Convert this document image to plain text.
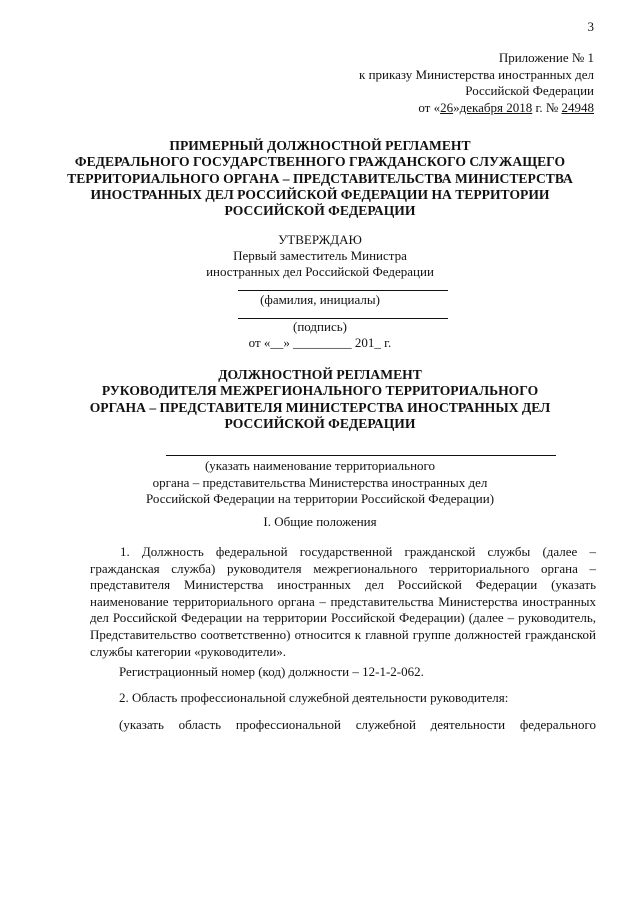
3
Приложение № 1
к приказу Министерства иностранных дел
Российской Федерации
от «26»декабря 2018 г. № 24948
ПРИМЕРНЫЙ ДОЛЖНОСТНОЙ РЕГЛАМЕНТ
ФЕДЕРАЛЬНОГО ГОСУДАРСТВЕННОГО ГРАЖДАНСКОГО СЛУЖАЩЕГО
ТЕРРИТОРИАЛЬНОГО ОРГАНА – ПРЕДСТАВИТЕЛЬСТВА МИНИСТЕРСТВА
ИНОСТРАННЫХ ДЕЛ РОССИЙСКОЙ ФЕДЕРАЦИИ НА ТЕРРИТОРИИ
РОССИЙСКОЙ ФЕДЕРАЦИИ
УТВЕРЖДАЮ
Первый заместитель Министра
иностранных дел Российской Федерации
(фамилия, инициалы)
(подпись)
от «__» _________ 201_ г.
ДОЛЖНОСТНОЙ РЕГЛАМЕНТ
РУКОВОДИТЕЛЯ МЕЖРЕГИОНАЛЬНОГО ТЕРРИТОРИАЛЬНОГО
ОРГАНА – ПРЕДСТАВИТЕЛЯ МИНИСТЕРСТВА ИНОСТРАННЫХ ДЕЛ
РОССИЙСКОЙ ФЕДЕРАЦИИ
(указать наименование территориального
органа – представительства Министерства иностранных дел
Российской Федерации на территории Российской Федерации)
I. Общие положения
1. Должность федеральной государственной гражданской службы (далее – гражданская служба) руководителя межрегионального территориального органа – представителя Министерства иностранных дел Российской Федерации (указать наименование территориального органа – представительства Министерства иностранных дел Российской Федерации на территории Российской Федерации) (далее – руководитель, Представительство соответственно) относится к главной группе должностей гражданской службы категории «руководители».
Регистрационный номер (код) должности – 12-1-2-062.
2. Область профессиональной служебной деятельности руководителя:
(указать область профессиональной служебной деятельности федерального
